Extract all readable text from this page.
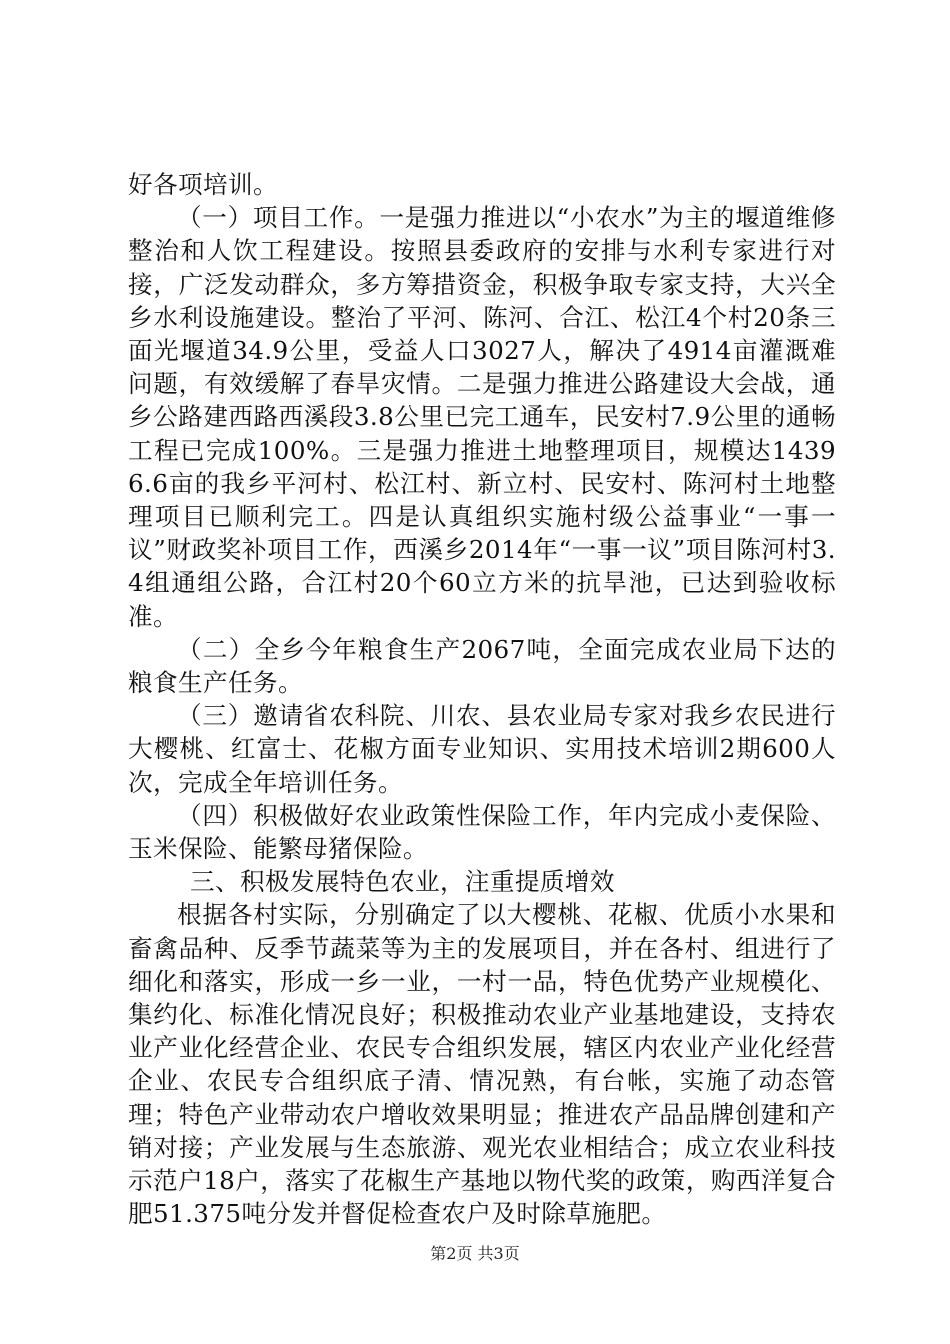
好各项培训。

（一）项目工作。一是强力推进以“小农水”为主的堰道维修整治和人饮工程建设。按照县委政府的安排与水利专家进行对接，广泛发动群众，多方筹措资金，积极争取专家支持，大兴全乡水利设施建设。整治了平河、陈河、合江、松江4个村20条三面光堰道34.9公里，受益人口3027人，解决了4914亩灌溉难问题，有效缓解了春旱灾情。二是强力推进公路建设大会战，通乡公路建西路西溪段3.8公里已完工通车，民安村7.9公里的通畅工程已完成100%。三是强力推进土地整理项目，规模达14396.6亩的我乡平河村、松江村、新立村、民安村、陈河村土地整理项目已顺利完工。四是认真组织实施村级公益事业“一事一议”财政奖补项目工作，西溪乡2014年“一事一议”项目陈河村3.4组通组公路，合江村20个60立方米的抗旱池，已达到验收标准。

（二）全乡今年粮食生产2067吨，全面完成农业局下达的粮食生产任务。

（三）邀请省农科院、川农、县农业局专家对我乡农民进行大樱桃、红富士、花椒方面专业知识、实用技术培训2期600人次，完成全年培训任务。

（四）积极做好农业政策性保险工作，年内完成小麦保险、玉米保险、能繁母猪保险。

三、积极发展特色农业，注重提质增效

根据各村实际，分别确定了以大樱桃、花椒、优质小水果和畜禽品种、反季节蔬菜等为主的发展项目，并在各村、组进行了细化和落实，形成一乡一业，一村一品，特色优势产业规模化、集约化、标准化情况良好；积极推动农业产业基地建设，支持农业产业化经营企业、农民专合组织发展，辖区内农业产业化经营企业、农民专合组织底子清、情况熟，有台帐，实施了动态管理；特色产业带动农户增收效果明显；推进农产品品牌创建和产销对接；产业发展与生态旅游、观光农业相结合；成立农业科技示范户18户，落实了花椒生产基地以物代奖的政策，购西洋复合肥51.375吨分发并督促检查农户及时除草施肥。

第2页 共3页
